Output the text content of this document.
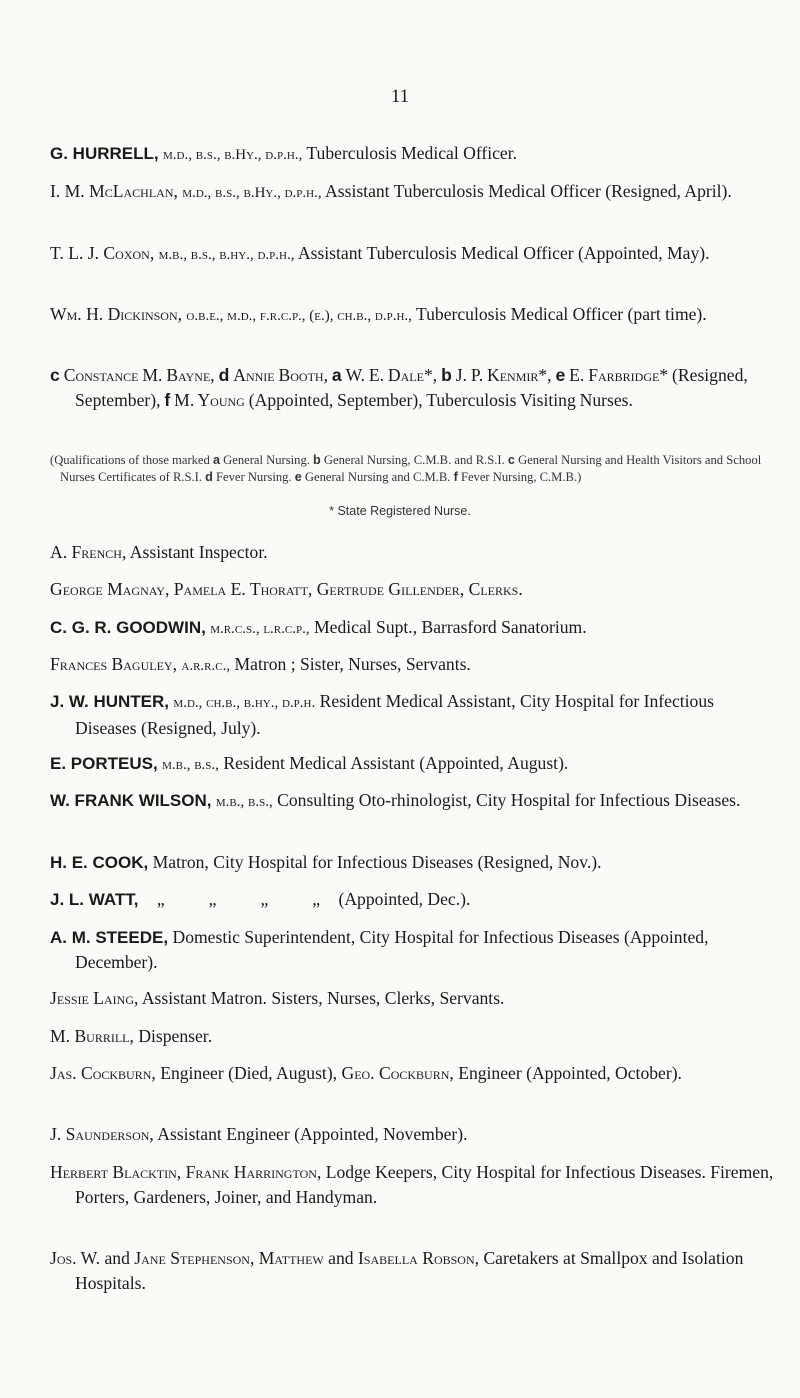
11
G. HURRELL, m.d., b.s., b.Hy., d.p.h., Tuberculosis Medical Officer.
I. M. McLachlan, m.d., b.s., b.Hy., d.p.h., Assistant Tuberculosis Medical Officer (Resigned, April).
T. L. J. Coxon, m.b., b.s., b.hy., d.p.h., Assistant Tuberculosis Medical Officer (Appointed, May).
Wm. H. Dickinson, o.b.e., m.d., f.r.c.p., (e.), ch.b., d.p.h., Tuberculosis Medical Officer (part time).
c Constance M. Bayne, d Annie Booth, a W. E. Dale*, b J. P. Kenmir*, e E. Farbridge* (Resigned, September), f M. Young (Appointed, September), Tuberculosis Visiting Nurses.
(Qualifications of those marked a General Nursing. b General Nursing, C.M.B. and R.S.I. c General Nursing and Health Visitors and School Nurses Certificates of R.S.I. d Fever Nursing. e General Nursing and C.M.B. f Fever Nursing, C.M.B.)
* State Registered Nurse.
A. French, Assistant Inspector.
George Magnay, Pamela E. Thoratt, Gertrude Gillender, Clerks.
C. G. R. GOODWIN, m.r.c.s., l.r.c.p., Medical Supt., Barrasford Sanatorium.
Frances Baguley, a.r.r.c., Matron ; Sister, Nurses, Servants.
J. W. HUNTER, m.d., ch.b., b.hy., d.p.h. Resident Medical Assistant, City Hospital for Infectious Diseases (Resigned, July).
E. PORTEUS, m.b., b.s., Resident Medical Assistant (Appointed, August).
W. FRANK WILSON, m.b., b.s., Consulting Oto-rhinologist, City Hospital for Infectious Diseases.
H. E. COOK, Matron, City Hospital for Infectious Diseases (Resigned, Nov.).
J. L. WATT, „          „          „          „ (Appointed, Dec.).
A. M. STEEDE, Domestic Superintendent, City Hospital for Infectious Diseases (Appointed, December).
Jessie Laing, Assistant Matron. Sisters, Nurses, Clerks, Servants.
M. Burrill, Dispenser.
Jas. Cockburn, Engineer (Died, August), Geo. Cockburn, Engineer (Appointed, October).
J. Saunderson, Assistant Engineer (Appointed, November).
Herbert Blacktin, Frank Harrington, Lodge Keepers, City Hospital for Infectious Diseases. Firemen, Porters, Gardeners, Joiner, and Handyman.
Jos. W. and Jane Stephenson, Matthew and Isabella Robson, Caretakers at Smallpox and Isolation Hospitals.
